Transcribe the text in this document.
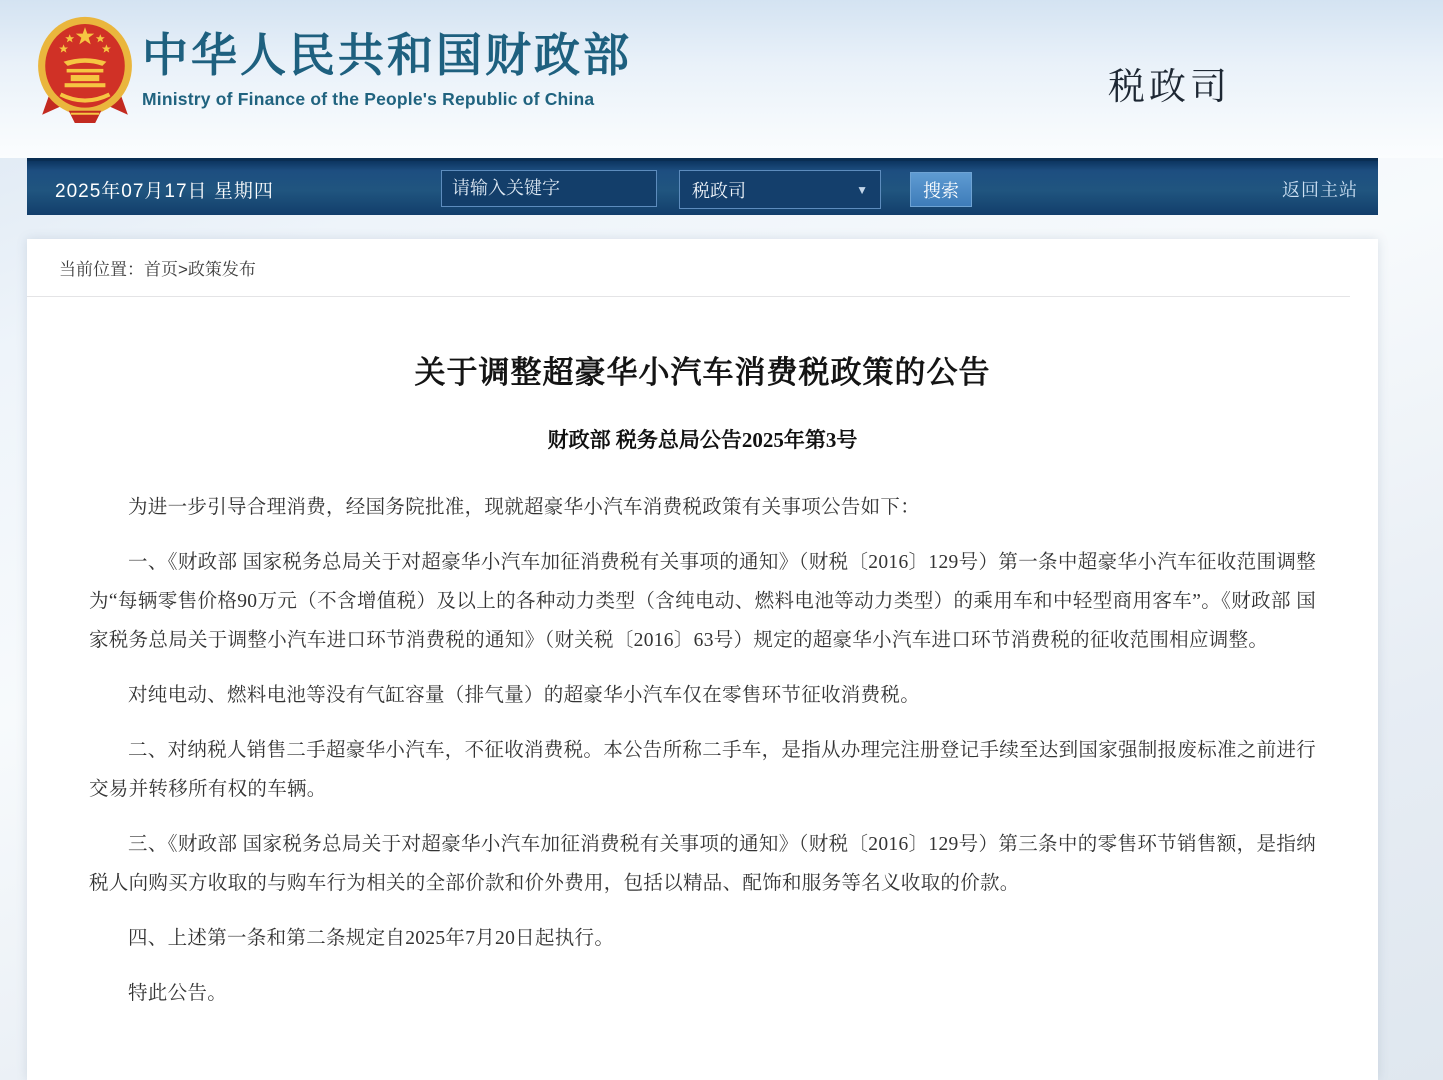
中华人民共和国财政部
Ministry of Finance of the People's Republic of China	税政司
2025年07月17日 星期四
请输入关键字	税政司	▼	搜索	返回主站
当前位置： 首页>政策发布
关于调整超豪华小汽车消费税政策的公告
财政部 税务总局公告2025年第3号

为进一步引导合理消费，经国务院批准，现就超豪华小汽车消费税政策有关事项公告如下：

一、《财政部 国家税务总局关于对超豪华小汽车加征消费税有关事项的通知》（财税〔2016〕129号）第一条中超豪华小汽车征收范围调整为“每辆零售价格90万元（不含增值税）及以上的各种动力类型（含纯电动、燃料电池等动力类型）的乘用车和中轻型商用客车”。《财政部 国家税务总局关于调整小汽车进口环节消费税的通知》（财关税〔2016〕63号）规定的超豪华小汽车进口环节消费税的征收范围相应调整。

对纯电动、燃料电池等没有气缸容量（排气量）的超豪华小汽车仅在零售环节征收消费税。

二、对纳税人销售二手超豪华小汽车，不征收消费税。本公告所称二手车，是指从办理完注册登记手续至达到国家强制报废标准之前进行交易并转移所有权的车辆。

三、《财政部 国家税务总局关于对超豪华小汽车加征消费税有关事项的通知》（财税〔2016〕129号）第三条中的零售环节销售额，是指纳税人向购买方收取的与购车行为相关的全部价款和价外费用，包括以精品、配饰和服务等名义收取的价款。

四、上述第一条和第二条规定自2025年7月20日起执行。

特此公告。
